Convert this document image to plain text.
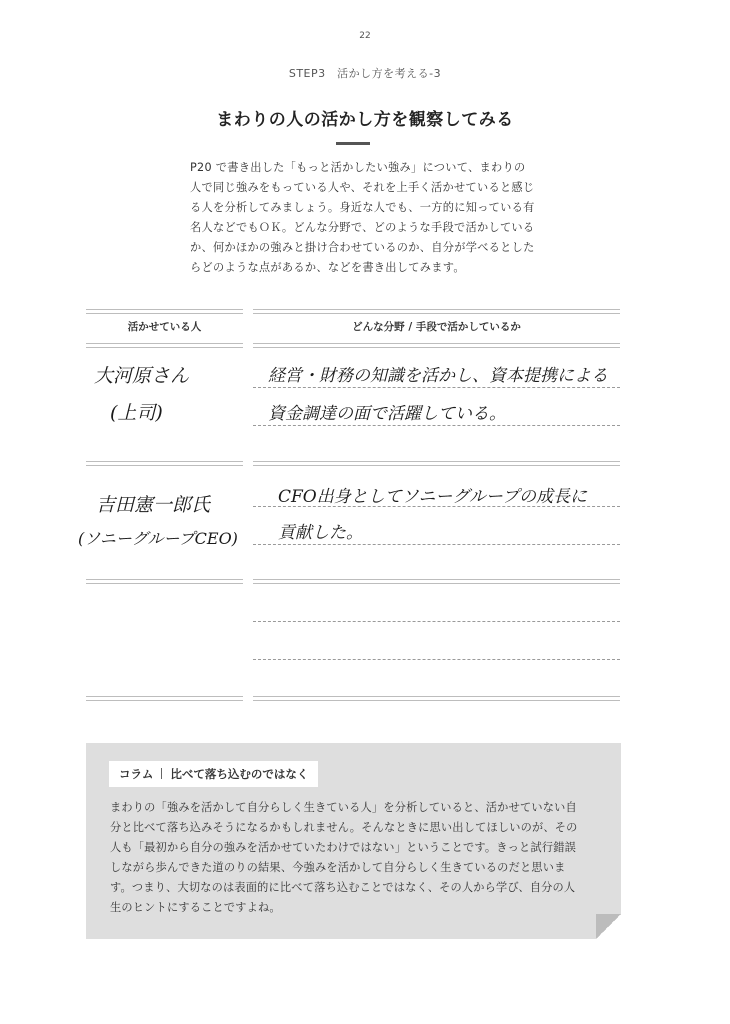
22
STEP3　活かし方を考える-3
まわりの人の活かし方を観察してみる

P20 で書き出した「もっと活かしたい強み」について、まわりの人で同じ強みをもっている人や、それを上手く活かせていると感じる人を分析してみましょう。身近な人でも、一方的に知っている有名人などでもＯＫ。どんな分野で、どのような手段で活かしているか、何かほかの強みと掛け合わせているのか、自分が学べるとしたらどのような点があるか、などを書き出してみます。

活かせている人	どんな分野 / 手段で活かしているか
大河原さん
(上司)
経営・財務の知識を活かし、資本提携による
資金調達の面で活躍している。
吉田憲一郎氏
(ソニーグループCEO)
CFO出身としてソニーグループの成長に
貢献した。
コラム 比べて落ち込むのではなく

まわりの「強みを活かして自分らしく生きている人」を分析していると、活かせていない自分と比べて落ち込みそうになるかもしれません。そんなときに思い出してほしいのが、その人も「最初から自分の強みを活かせていたわけではない」ということです。きっと試行錯誤しながら歩んできた道のりの結果、今強みを活かして自分らしく生きているのだと思います。つまり、大切なのは表面的に比べて落ち込むことではなく、その人から学び、自分の人生のヒントにすることですよね。
